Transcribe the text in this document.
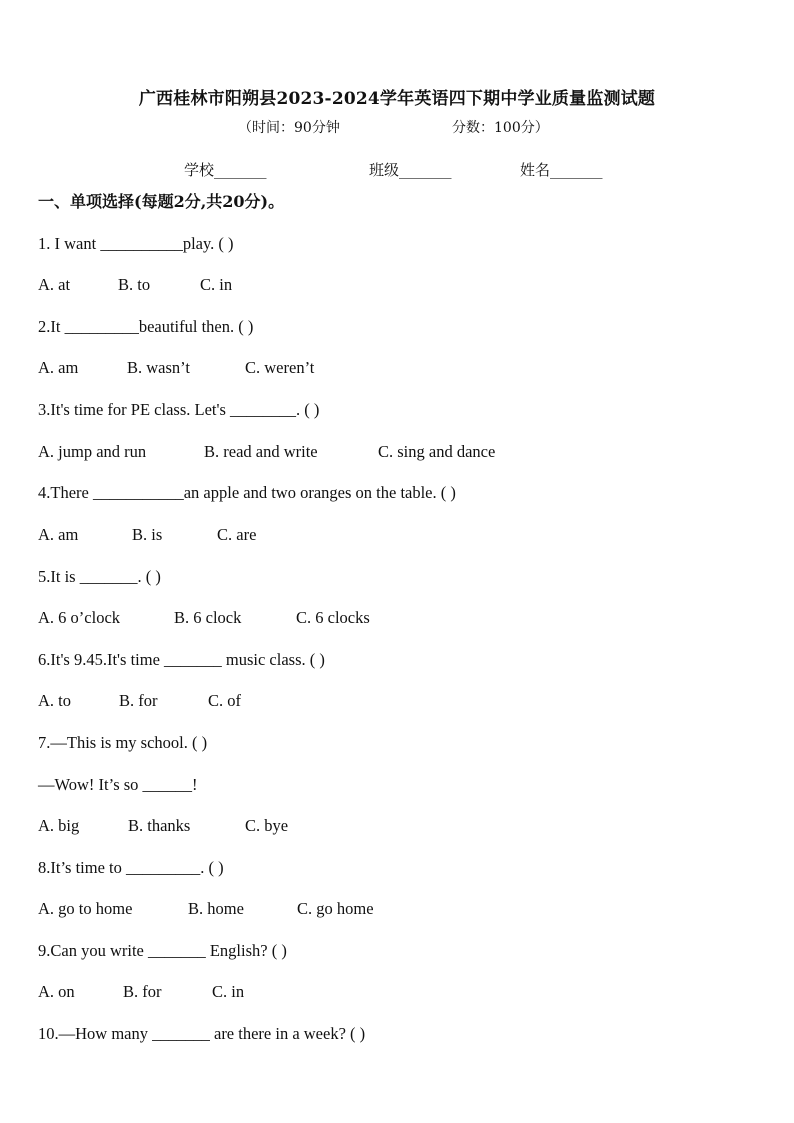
广西桂林市阳朔县2023-2024学年英语四下期中学业质量监测试题
（时间：90分钟	分数：100分）
学校_______	班级_______	姓名_______
一、单项选择(每题2分,共20分)。
1. I want __________play. ( )
A. at	B. to	C. in
2.It _________beautiful then. ( )
A. am	B. wasn’t	C. weren’t
3.It's time for PE class. Let's ________. ( )
A. jump and run	B. read and write	C. sing and dance
4.There ___________an apple and two oranges on the table. ( )
A. am	B. is	C. are
5.It is _______. ( )
A. 6 o’clock	B. 6 clock	C. 6 clocks
6.It's 9.45.It's time _______ music class. ( )
A. to	B. for	C. of
7.—This is my school. ( )
—Wow! It’s so ______!
A. big	B. thanks	C. bye
8.It’s time to _________. ( )
A. go to home	B. home	C. go home
9.Can you write _______ English? ( )
A. on	B. for	C. in
10.—How many _______ are there in a week? ( )
